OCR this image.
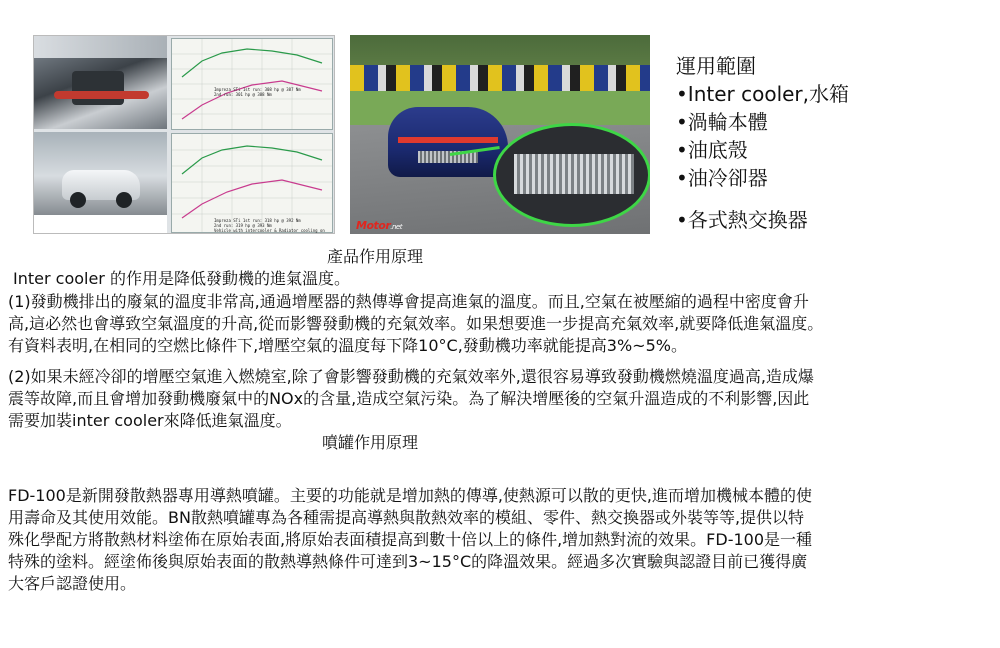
Impreza STi 1st run: 308 hp @ 387 Nm
2nd run: 301 hp @ 388 Nm
Impreza STi 1st run: 318 hp @ 392 Nm
2nd run: 319 hp @ 393 Nm
Vehicle with intercooler & Radiator cooling on	Motor.net
運用範圍
• Inter cooler,水箱
• 渦輪本體
• 油底殼
• 油冷卻器
• 各式熱交換器
產品作用原理
Inter cooler 的作用是降低發動機的進氣溫度。
(1)發動機排出的廢氣的溫度非常高,通過增壓器的熱傳導會提高進氣的溫度。而且,空氣在被壓縮的過程中密度會升
高,這必然也會導致空氣溫度的升高,從而影響發動機的充氣效率。如果想要進一步提高充氣效率,就要降低進氣溫度。
有資料表明,在相同的空燃比條件下,增壓空氣的溫度每下降10°C,發動機功率就能提高3%~5%。
(2)如果未經冷卻的增壓空氣進入燃燒室,除了會影響發動機的充氣效率外,還很容易導致發動機燃燒溫度過高,造成爆
震等故障,而且會增加發動機廢氣中的NOx的含量,造成空氣污染。為了解決增壓後的空氣升溫造成的不利影響,因此
需要加裝inter cooler來降低進氣溫度。
噴罐作用原理
FD-100是新開發散熱器專用導熱噴罐。主要的功能就是增加熱的傳導,使熱源可以散的更快,進而增加機械本體的使
用壽命及其使用效能。BN散熱噴罐專為各種需提高導熱與散熱效率的模組、零件、熱交換器或外裝等等,提供以特
殊化學配方將散熱材料塗佈在原始表面,將原始表面積提高到數十倍以上的條件,增加熱對流的效果。FD-100是一種
特殊的塗料。經塗佈後與原始表面的散熱導熱條件可達到3~15°C的降溫效果。經過多次實驗與認證目前已獲得廣
大客戶認證使用。
